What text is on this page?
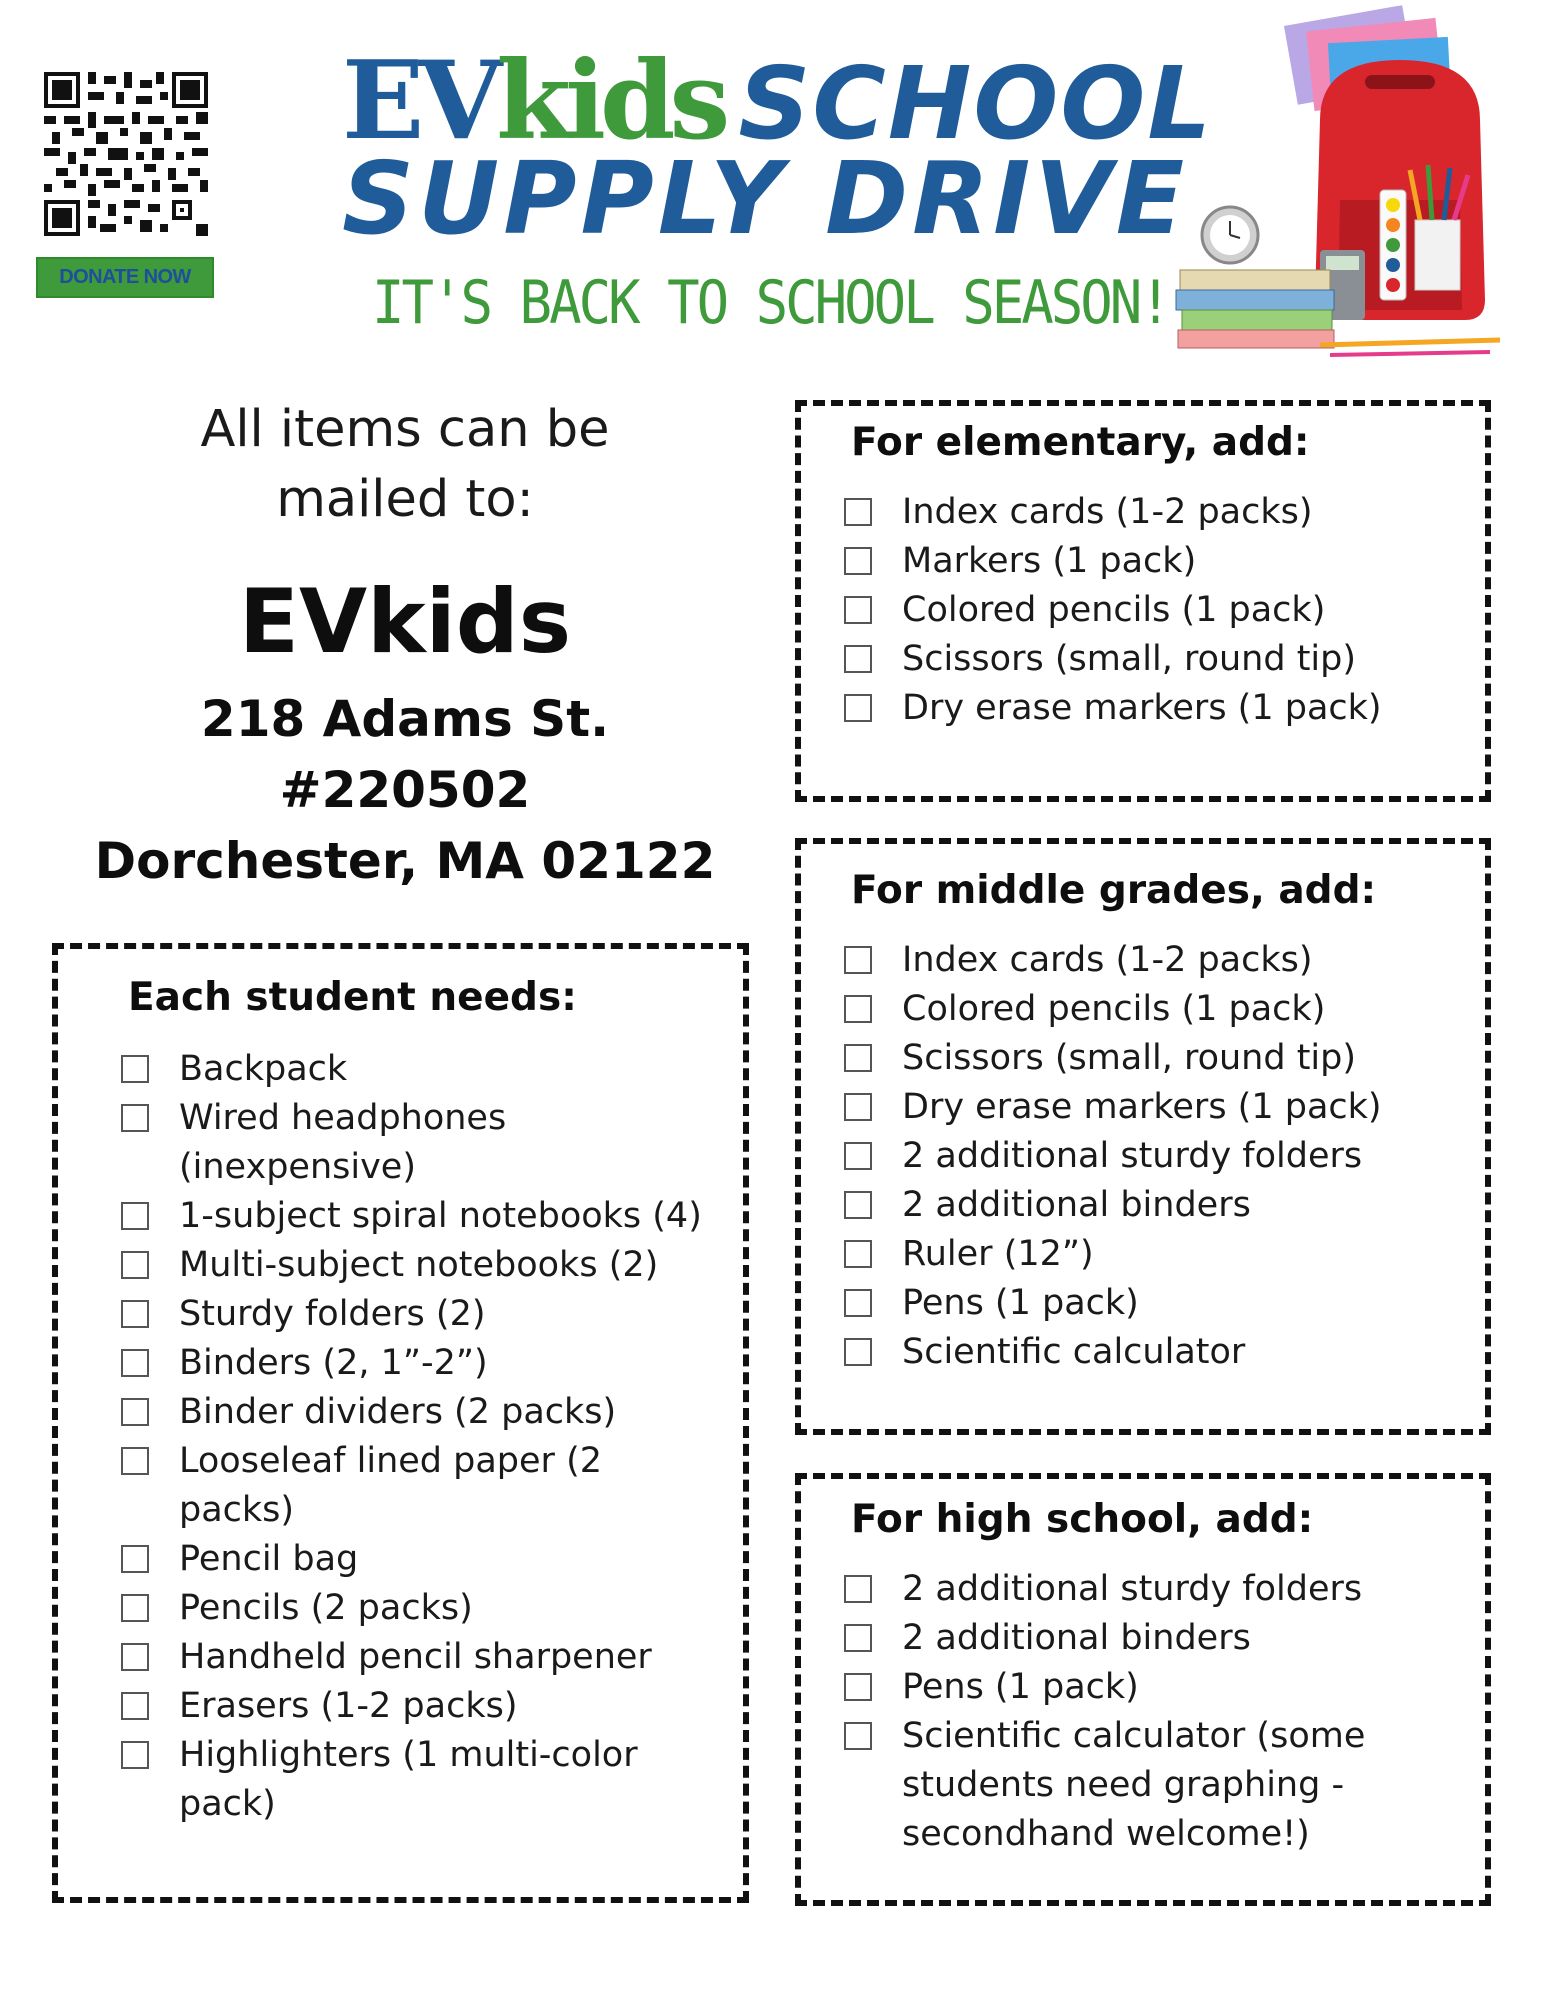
DONATE NOW
EVkids SCHOOL
SUPPLY DRIVE
IT'S BACK TO SCHOOL SEASON!
All items can be
mailed to:
EVkids
218 Adams St.
#220502
Dorchester, MA 02122
Each student needs:
Backpack
Wired headphones (inexpensive)
1-subject spiral notebooks (4)
Multi-subject notebooks (2)
Sturdy folders (2)
Binders (2, 1”-2”)
Binder dividers (2 packs)
Looseleaf lined paper (2 packs)
Pencil bag
Pencils (2 packs)
Handheld pencil sharpener
Erasers (1-2 packs)
Highlighters (1 multi-color pack)
For elementary, add:
Index cards (1-2 packs)
Markers (1 pack)
Colored pencils (1 pack)
Scissors (small, round tip)
Dry erase markers (1 pack)
For middle grades, add:
Index cards (1-2 packs)
Colored pencils (1 pack)
Scissors (small, round tip)
Dry erase markers (1 pack)
2 additional sturdy folders
2 additional binders
Ruler (12”)
Pens (1 pack)
Scientific calculator
For high school, add:
2 additional sturdy folders
2 additional binders
Pens (1 pack)
Scientific calculator (some students need graphing - secondhand welcome!)
